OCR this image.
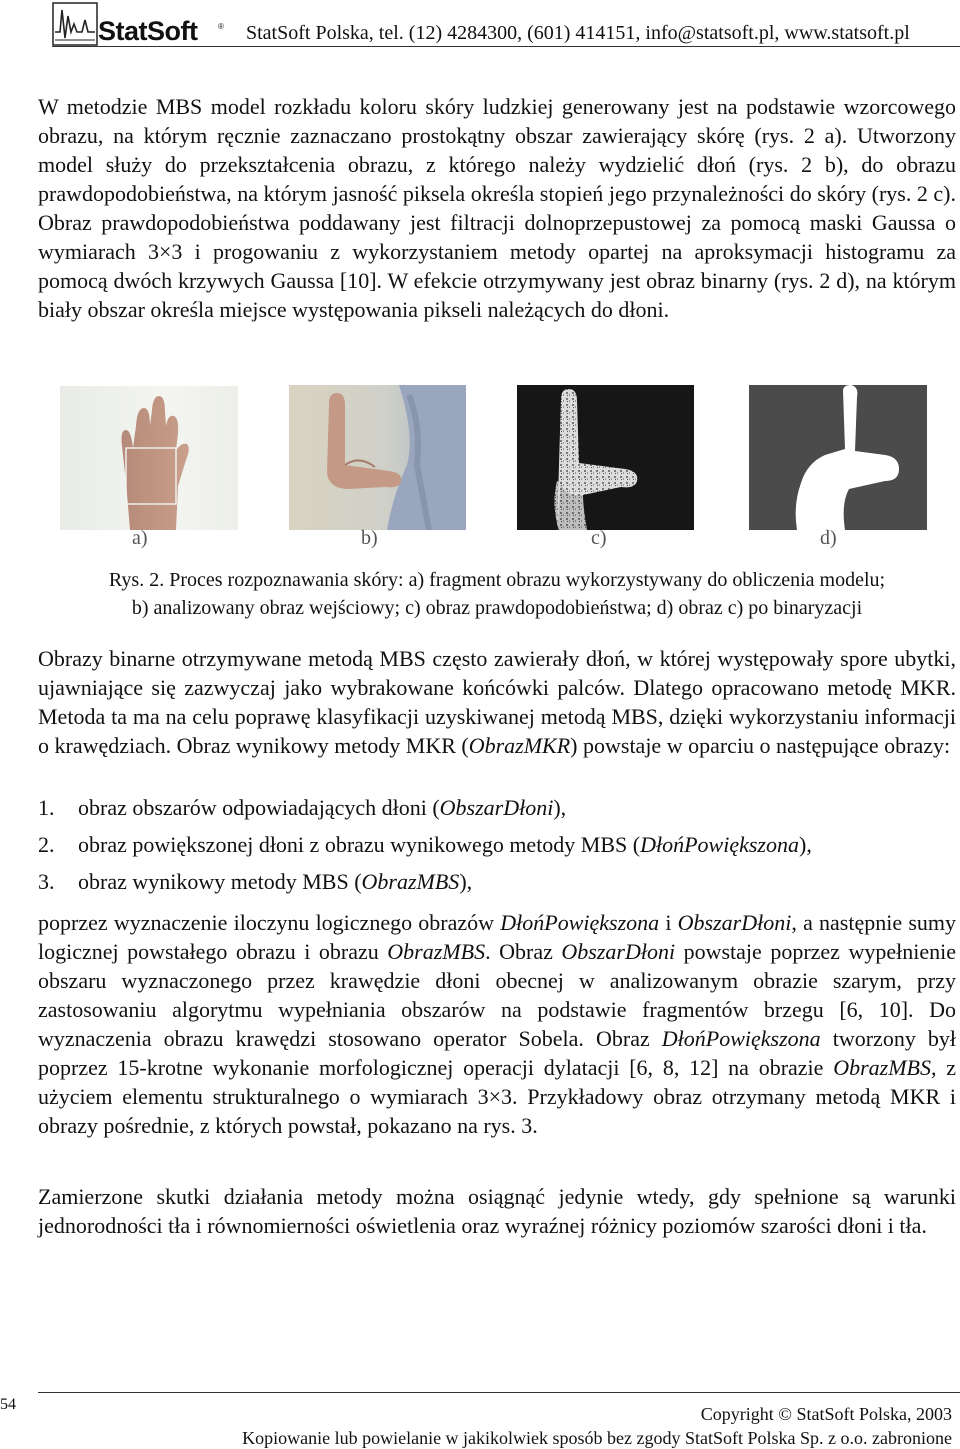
StatSoft	® StatSoft Polska, tel. (12) 4284300, (601) 414151, info@statsoft.pl, www.statsoft.pl

W metodzie MBS model rozkładu koloru skóry ludzkiej generowany jest na podstawie wzorcowego obrazu, na którym ręcznie zaznaczano prostokątny obszar zawierający skórę (rys. 2 a). Utworzony model służy do przekształcenia obrazu, z którego należy wydzielić dłoń (rys. 2 b), do obrazu prawdopodobieństwa, na którym jasność piksela określa stopień jego przynależności do skóry (rys. 2 c). Obraz prawdopodobieństwa poddawany jest filtracji dolnoprzepustowej za pomocą maski Gaussa o wymiarach 3×3 i progowaniu z wykorzystaniem metody opartej na aproksymacji histogramu za pomocą dwóch krzywych Gaussa [10]. W efekcie otrzymywany jest obraz binarny (rys. 2 d), na którym biały obszar określa miejsce występowania pikseli należących do dłoni.

a)	b)	c)	d)
Rys. 2. Proces rozpoznawania skóry: a) fragment obrazu wykorzystywany do obliczenia modelu;
b) analizowany obraz wejściowy; c) obraz prawdopodobieństwa; d) obraz c) po binaryzacji

Obrazy binarne otrzymywane metodą MBS często zawierały dłoń, w której występowały spore ubytki, ujawniające się zazwyczaj jako wybrakowane końcówki palców. Dlatego opracowano metodę MKR. Metoda ta ma na celu poprawę klasyfikacji uzyskiwanej metodą MBS, dzięki wykorzystaniu informacji o krawędziach. Obraz wynikowy metody MKR (ObrazMKR) powstaje w oparciu o następujące obrazy:

1. obraz obszarów odpowiadających dłoni (ObszarDłoni),
2. obraz powiększonej dłoni z obrazu wynikowego metody MBS (DłońPowiększona),
3. obraz wynikowy metody MBS (ObrazMBS),

poprzez wyznaczenie iloczynu logicznego obrazów DłońPowiększona i ObszarDłoni, a następnie sumy logicznej powstałego obrazu i obrazu ObrazMBS. Obraz ObszarDłoni powstaje poprzez wypełnienie obszaru wyznaczonego przez krawędzie dłoni obecnej w analizowanym obrazie szarym, przy zastosowaniu algorytmu wypełniania obszarów na podstawie fragmentów brzegu [6, 10]. Do wyznaczenia obrazu krawędzi stosowano operator Sobela. Obraz DłońPowiększona tworzony był poprzez 15-krotne wykonanie morfologicznej operacji dylatacji [6, 8, 12] na obrazie ObrazMBS, z użyciem elementu strukturalnego o wymiarach 3×3. Przykładowy obraz otrzymany metodą MKR i obrazy pośrednie, z których powstał, pokazano na rys. 3.

Zamierzone skutki działania metody można osiągnąć jedynie wtedy, gdy spełnione są warunki jednorodności tła i równomierności oświetlenia oraz wyraźnej różnicy poziomów szarości dłoni i tła.

54	Copyright © StatSoft Polska, 2003
Kopiowanie lub powielanie w jakikolwiek sposób bez zgody StatSoft Polska Sp. z o.o. zabronione
